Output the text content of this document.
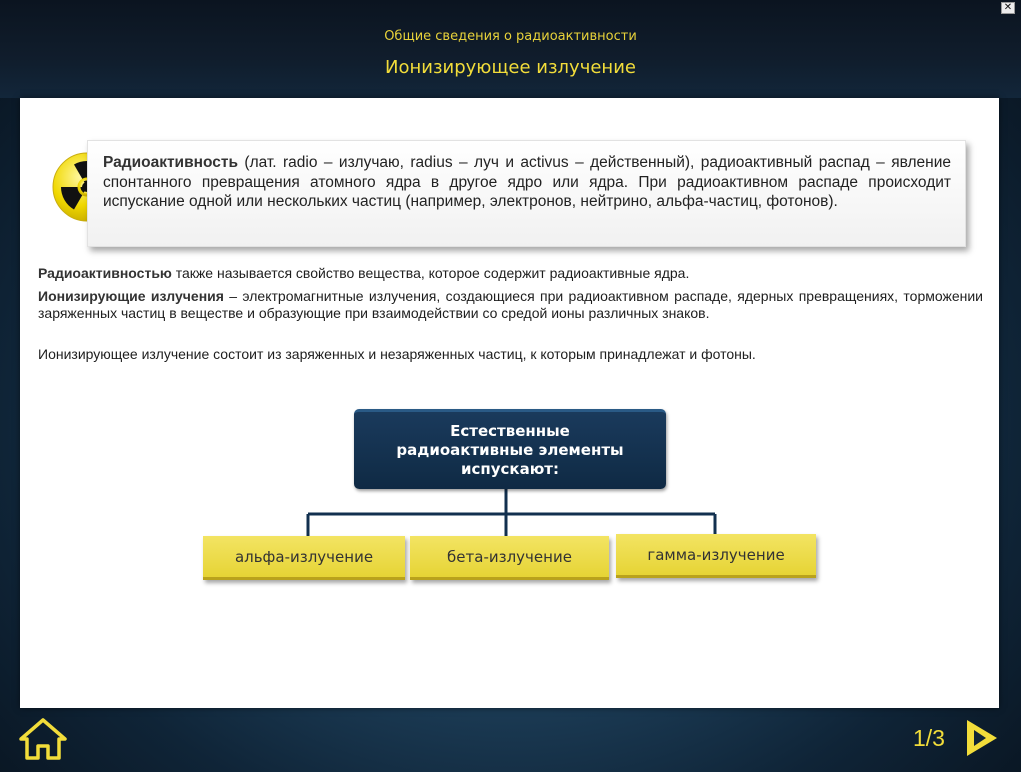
Общие сведения о радиоактивности
Ионизирующее излучение
✕

Радиоактивность (лат. radio – излучаю, radius – луч и activus – действенный), радиоактивный распад – явление спонтанного превращения атомного ядра в другое ядро или ядра. При радиоактивном распаде происходит испускание одной или нескольких частиц (например, электронов, нейтрино, альфа-частиц, фотонов).

Радиоактивностью также называется свойство вещества, которое содержит радиоактивные ядра.

Ионизирующие излучения – электромагнитные излучения, создающиеся при радиоактивном распаде, ядерных превращениях, торможении заряженных частиц в веществе и образующие при взаимодействии со средой ионы различных знаков.

Ионизирующее излучение состоит из заряженных и незаряженных частиц, к которым принадлежат и фотоны.

Естественные радиоактивные элементы испускают:
альфа-излучение	бета-излучение	гамма-излучение
1/3
